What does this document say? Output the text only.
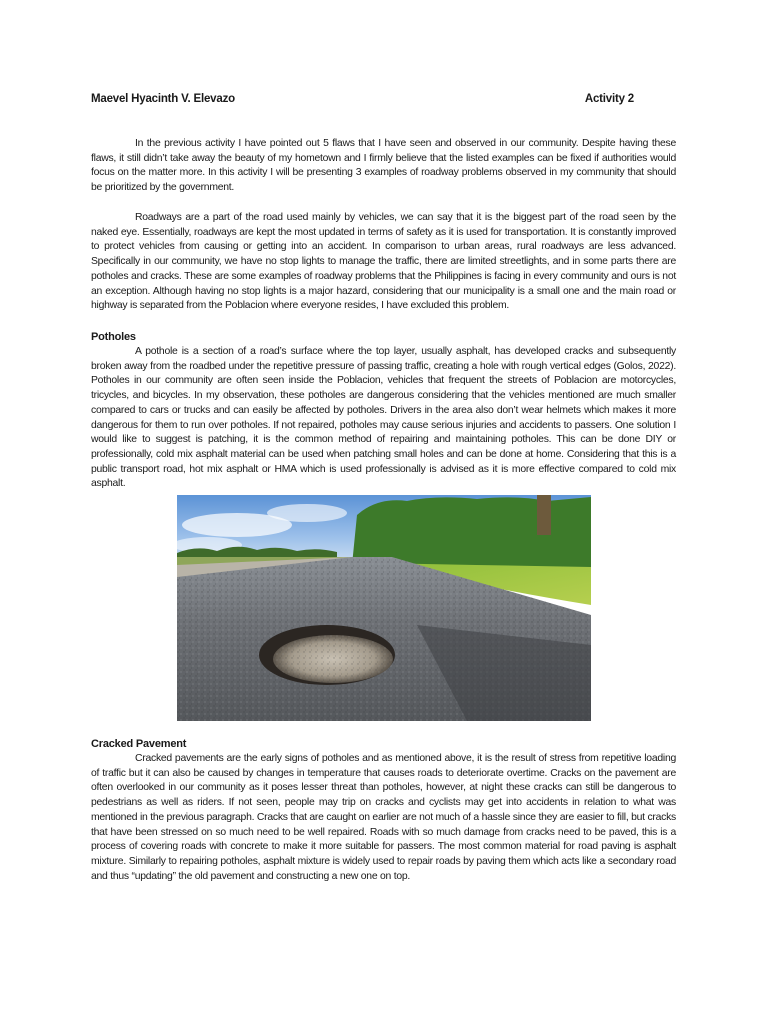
Maevel Hyacinth V. Elevazo	Activity 2
In the previous activity I have pointed out 5 flaws that I have seen and observed in our community. Despite having these flaws, it still didn’t take away the beauty of my hometown and I firmly believe that the listed examples can be fixed if authorities would focus on the matter more. In this activity I will be presenting 3 examples of roadway problems observed in my community that should be prioritized by the government.
Roadways are a part of the road used mainly by vehicles, we can say that it is the biggest part of the road seen by the naked eye. Essentially, roadways are kept the most updated in terms of safety as it is used for transportation. It is constantly improved to protect vehicles from causing or getting into an accident. In comparison to urban areas, rural roadways are less advanced. Specifically in our community, we have no stop lights to manage the traffic, there are limited streetlights, and in some parts there are potholes and cracks. These are some examples of roadway problems that the Philippines is facing in every community and ours is not an exception. Although having no stop lights is a major hazard, considering that our municipality is a small one and the main road or highway is separated from the Poblacion where everyone resides, I have excluded this problem.
Potholes
A pothole is a section of a road’s surface where the top layer, usually asphalt, has developed cracks and subsequently broken away from the roadbed under the repetitive pressure of passing traffic, creating a hole with rough vertical edges (Golos, 2022). Potholes in our community are often seen inside the Poblacion, vehicles that frequent the streets of Poblacion are motorcycles, tricycles, and bicycles. In my observation, these potholes are dangerous considering that the vehicles mentioned are much smaller compared to cars or trucks and can easily be affected by potholes. Drivers in the area also don’t wear helmets which makes it more dangerous for them to run over potholes. If not repaired, potholes may cause serious injuries and accidents to passers. One solution I would like to suggest is patching, it is the common method of repairing and maintaining potholes. This can be done DIY or professionally, cold mix asphalt material can be used when patching small holes and can be done at home. Considering that this is a public transport road, hot mix asphalt or HMA which is used professionally is advised as it is more effective compared to cold mix asphalt.
Cracked Pavement
Cracked pavements are the early signs of potholes and as mentioned above, it is the result of stress from repetitive loading of traffic but it can also be caused by changes in temperature that causes roads to deteriorate overtime. Cracks on the pavement are often overlooked in our community as it poses lesser threat than potholes, however, at night these cracks can still be dangerous to pedestrians as well as riders. If not seen, people may trip on cracks and cyclists may get into accidents in relation to what was mentioned in the previous paragraph. Cracks that are caught on earlier are not much of a hassle since they are easier to fill, but cracks that have been stressed on so much need to be well repaired. Roads with so much damage from cracks need to be paved, this is a process of covering roads with concrete to make it more suitable for passers. The most common material for road paving is asphalt mixture. Similarly to repairing potholes, asphalt mixture is widely used to repair roads by paving them which acts like a secondary road and thus “updating” the old pavement and constructing a new one on top.
